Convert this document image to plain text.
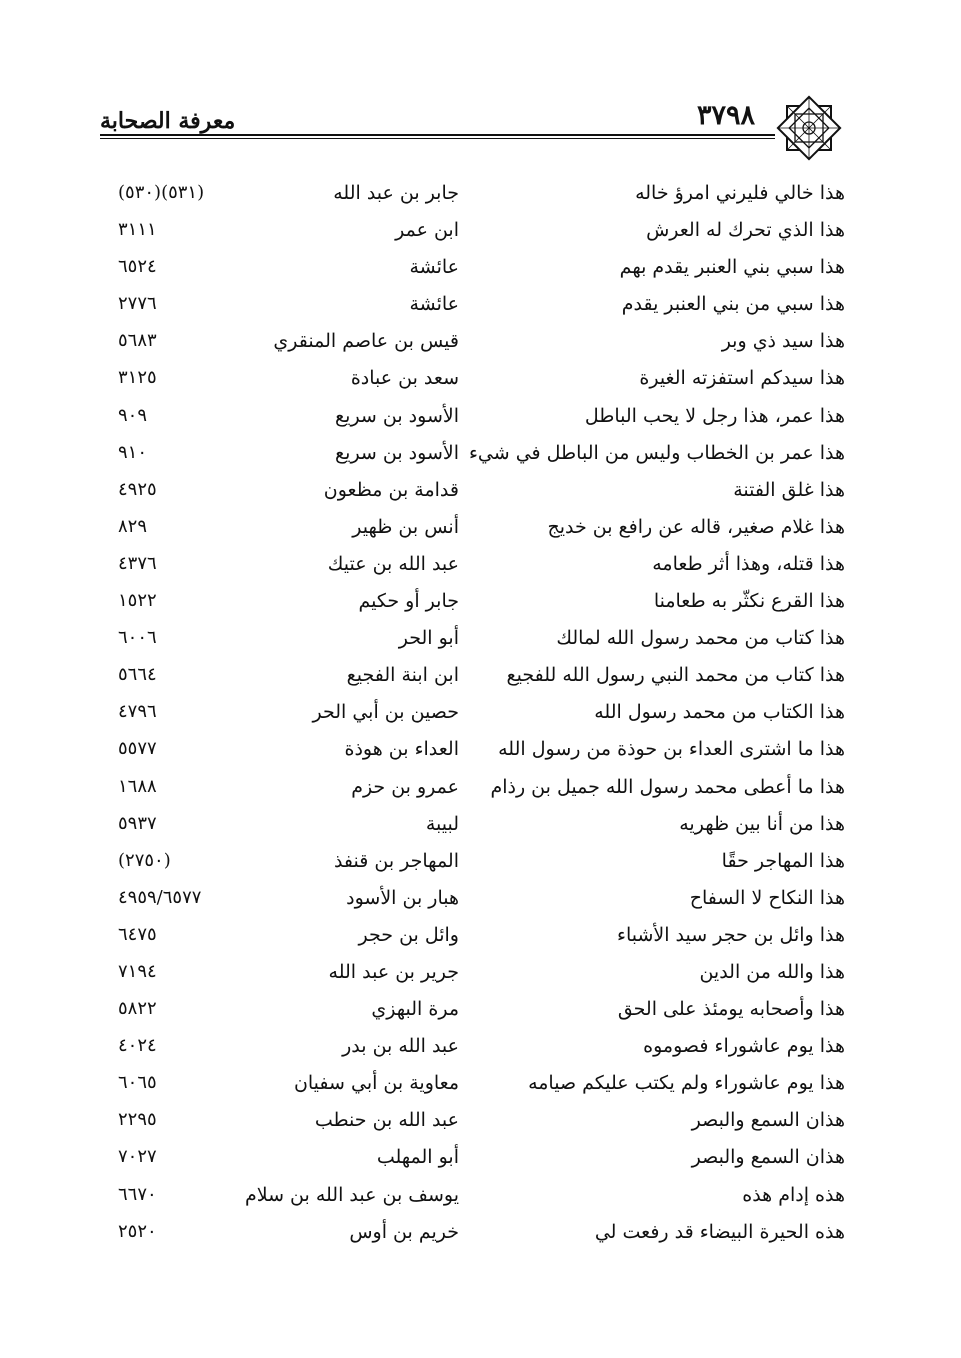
٣٧٩٨
معرفة الصحابة
هذا خالي فليرني امرؤ خاله
جابر بن عبد الله
(٥٣٠)(٥٣١)
هذا الذي تحرك له العرش
ابن عمر
٣١١١
هذا سبي بني العنبر يقدم بهم
عائشة
٦٥٢٤
هذا سبي من بني العنبر يقدم
عائشة
٢٧٧٦
هذا سيد ذي وبر
قيس بن عاصم المنقري
٥٦٨٣
هذا سيدكم استفزته الغيرة
سعد بن عبادة
٣١٢٥
هذا عمر، هذا رجل لا يحب الباطل
الأسود بن سريع
٩٠٩
هذا عمر بن الخطاب وليس من الباطل في شيء
الأسود بن سريع
٩١٠
هذا غلق الفتنة
قدامة بن مظعون
٤٩٢٥
هذا غلام صغير، قاله عن رافع بن خديج
أنس بن ظهير
٨٢٩
هذا قتله، وهذا أثر طعامه
عبد الله بن عتيك
٤٣٧٦
هذا القرع نكثّر به طعامنا
جابر أو حكيم
١٥٢٢
هذا كتاب من محمد رسول الله لمالك
أبو الحر
٦٠٠٦
هذا كتاب من محمد النبي رسول الله للفجيع
ابن ابنة الفجيع
٥٦٦٤
هذا الكتاب من محمد رسول الله
حصين بن أبي الحر
٤٧٩٦
هذا ما اشترى العداء بن حوذة من رسول الله
العداء بن هوذة
٥٥٧٧
هذا ما أعطى محمد رسول الله جميل بن رذام
عمرو بن حزم
١٦٨٨
هذا من أنا بين ظهريه
لبيبة
٥٩٣٧
هذا المهاجر حقًا
المهاجر بن قنفذ
(٢٧٥٠)
هذا النكاح لا السفاح
هبار بن الأسود
٤٩٥٩/٦٥٧٧
هذا وائل بن حجر سيد الأشباء
وائل بن حجر
٦٤٧٥
هذا والله من الدين
جرير بن عبد الله
٧١٩٤
هذا وأصحابه يومئذ على الحق
مرة البهزي
٥٨٢٢
هذا يوم عاشوراء فصوموه
عبد الله بن بدر
٤٠٢٤
هذا يوم عاشوراء ولم يكتب عليكم صيامه
معاوية بن أبي سفيان
٦٠٦٥
هذان السمع والبصر
عبد الله بن حنطب
٢٢٩٥
هذان السمع والبصر
أبو المهلب
٧٠٢٧
هذه إدام هذه
يوسف بن عبد الله بن سلام
٦٦٧٠
هذه الحيرة البيضاء قد رفعت لي
خريم بن أوس
٢٥٢٠
